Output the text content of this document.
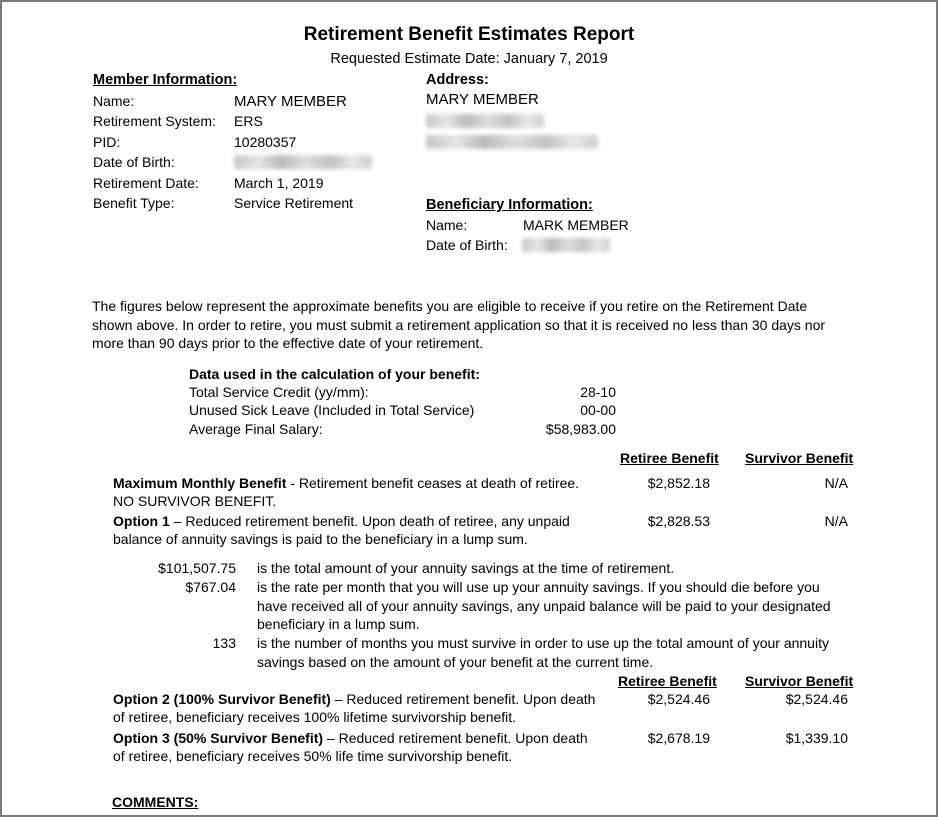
Retirement Benefit Estimates Report
Requested Estimate Date: January 7, 2019
Member Information:
Name:	MARY MEMBER
Retirement System: ERS
PID:	10280357
Date of Birth:
Retirement Date:	March 1, 2019
Benefit Type:	Service Retirement
Address:
MARY MEMBER
Beneficiary Information:
Name:	MARK MEMBER
Date of Birth:
The figures below represent the approximate benefits you are eligible to receive if you retire on the Retirement Date shown above. In order to retire, you must submit a retirement application so that it is received no less than 30 days nor more than 90 days prior to the effective date of your retirement.
Data used in the calculation of your benefit:
Total Service Credit (yy/mm):	28-10
Unused Sick Leave (Included in Total Service)	00-00
Average Final Salary:	$58,983.00
Retiree Benefit Survivor Benefit
Maximum Monthly Benefit - Retirement benefit ceases at death of retiree.
NO SURVIVOR BENEFIT.
$2,852.18	N/A
Option 1 – Reduced retirement benefit. Upon death of retiree, any unpaid
balance of annuity savings is paid to the beneficiary in a lump sum.
$2,828.53	N/A
$101,507.75 is the total amount of your annuity savings at the time of retirement.
$767.04 is the rate per month that you will use up your annuity savings. If you should die before you have received all of your annuity savings, any unpaid balance will be paid to your designated beneficiary in a lump sum.
133 is the number of months you must survive in order to use up the total amount of your annuity savings based on the amount of your benefit at the current time.
Retiree Benefit Survivor Benefit
Option 2 (100% Survivor Benefit) – Reduced retirement benefit. Upon death
of retiree, beneficiary receives 100% lifetime survivorship benefit.
$2,524.46	$2,524.46
Option 3 (50% Survivor Benefit) – Reduced retirement benefit. Upon death
of retiree, beneficiary receives 50% life time survivorship benefit.
$2,678.19	$1,339.10
COMMENTS:
